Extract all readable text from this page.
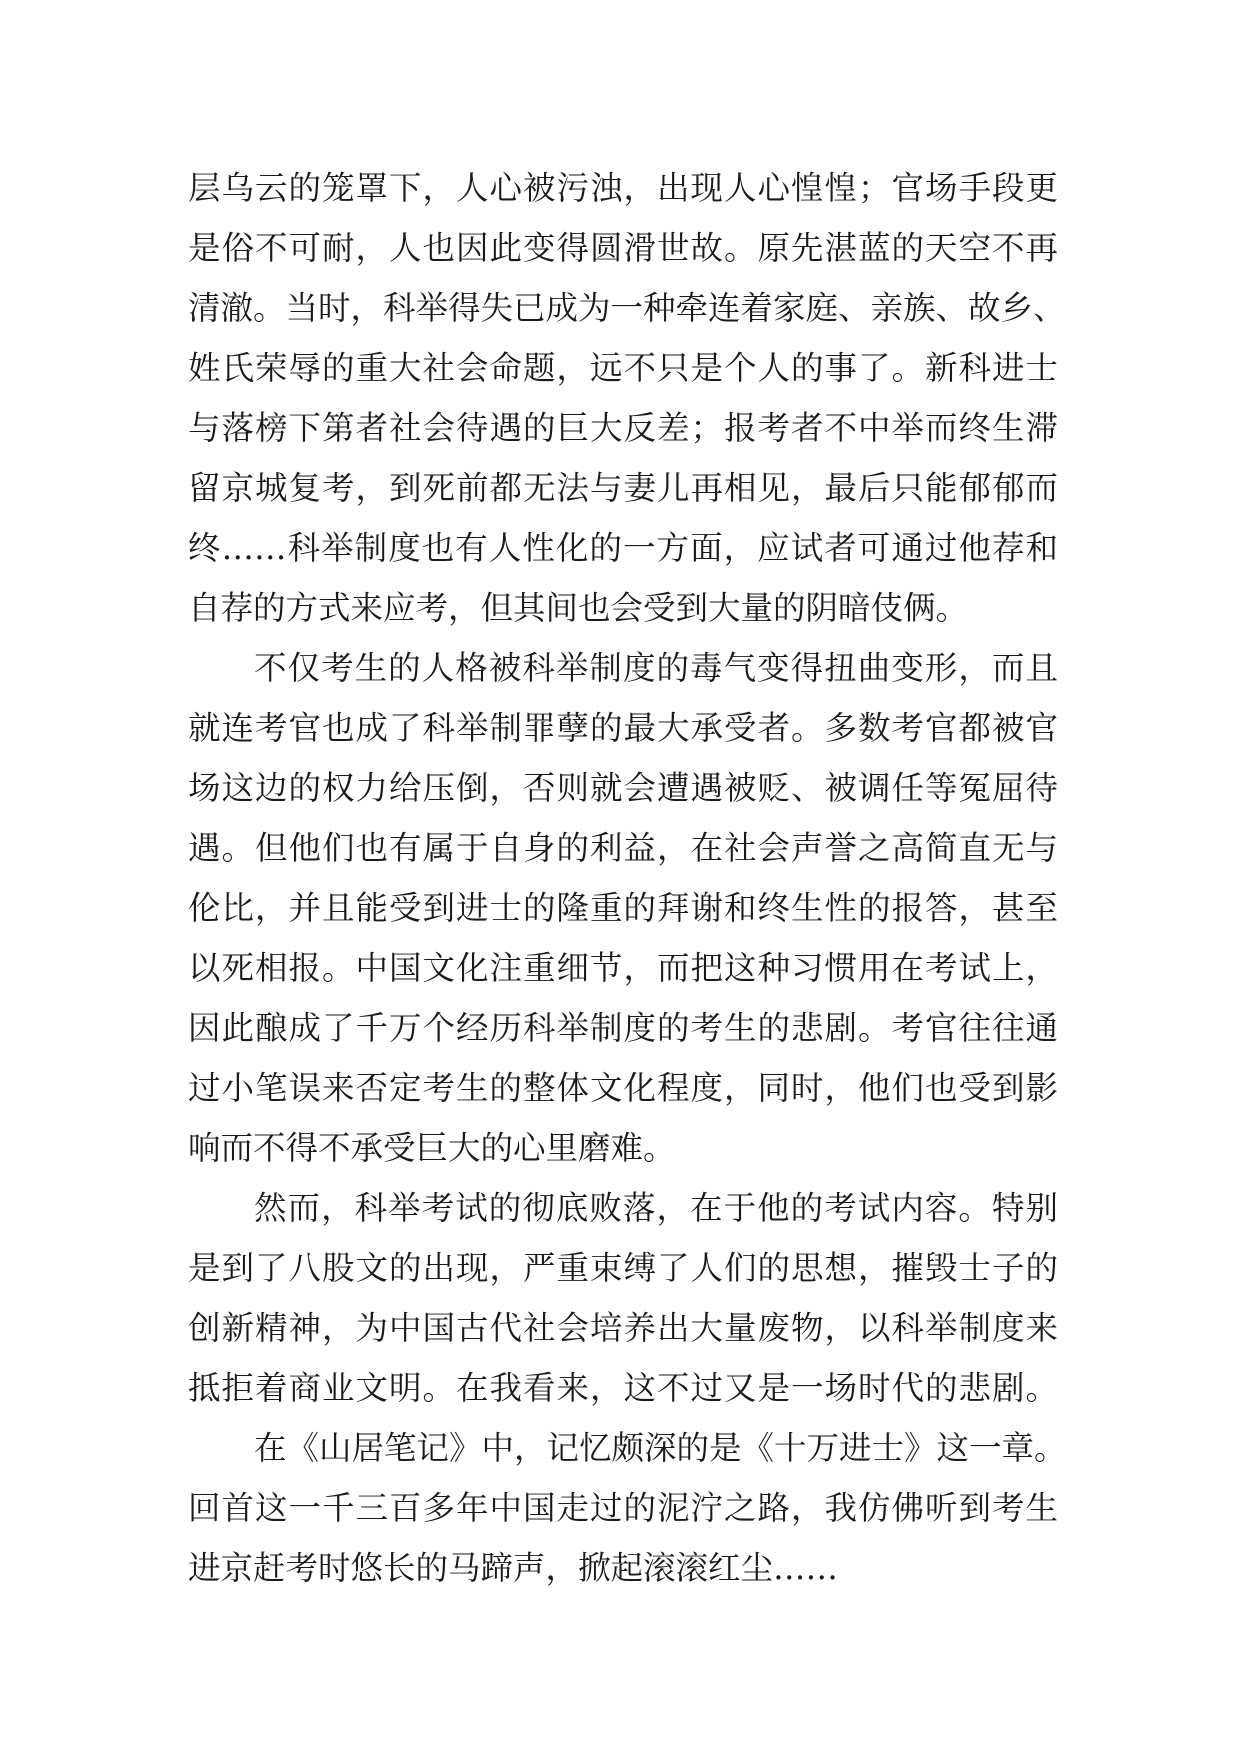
层乌云的笼罩下，人心被污浊，出现人心惶惶；官场手段更
是俗不可耐，人也因此变得圆滑世故。原先湛蓝的天空不再
清澈。当时，科举得失已成为一种牵连着家庭、亲族、故乡、
姓氏荣辱的重大社会命题，远不只是个人的事了。新科进士
与落榜下第者社会待遇的巨大反差；报考者不中举而终生滞
留京城复考，到死前都无法与妻儿再相见，最后只能郁郁而
终……科举制度也有人性化的一方面，应试者可通过他荐和
自荐的方式来应考，但其间也会受到大量的阴暗伎俩。
不仅考生的人格被科举制度的毒气变得扭曲变形，而且
就连考官也成了科举制罪孽的最大承受者。多数考官都被官
场这边的权力给压倒，否则就会遭遇被贬、被调任等冤屈待
遇。但他们也有属于自身的利益，在社会声誉之高简直无与
伦比，并且能受到进士的隆重的拜谢和终生性的报答，甚至
以死相报。中国文化注重细节，而把这种习惯用在考试上，
因此酿成了千万个经历科举制度的考生的悲剧。考官往往通
过小笔误来否定考生的整体文化程度，同时，他们也受到影
响而不得不承受巨大的心里磨难。
然而，科举考试的彻底败落，在于他的考试内容。特别
是到了八股文的出现，严重束缚了人们的思想，摧毁士子的
创新精神，为中国古代社会培养出大量废物，以科举制度来
抵拒着商业文明。在我看来，这不过又是一场时代的悲剧。
在《山居笔记》中，记忆颇深的是《十万进士》这一章。
回首这一千三百多年中国走过的泥泞之路，我仿佛听到考生
进京赶考时悠长的马蹄声，掀起滚滚红尘……
